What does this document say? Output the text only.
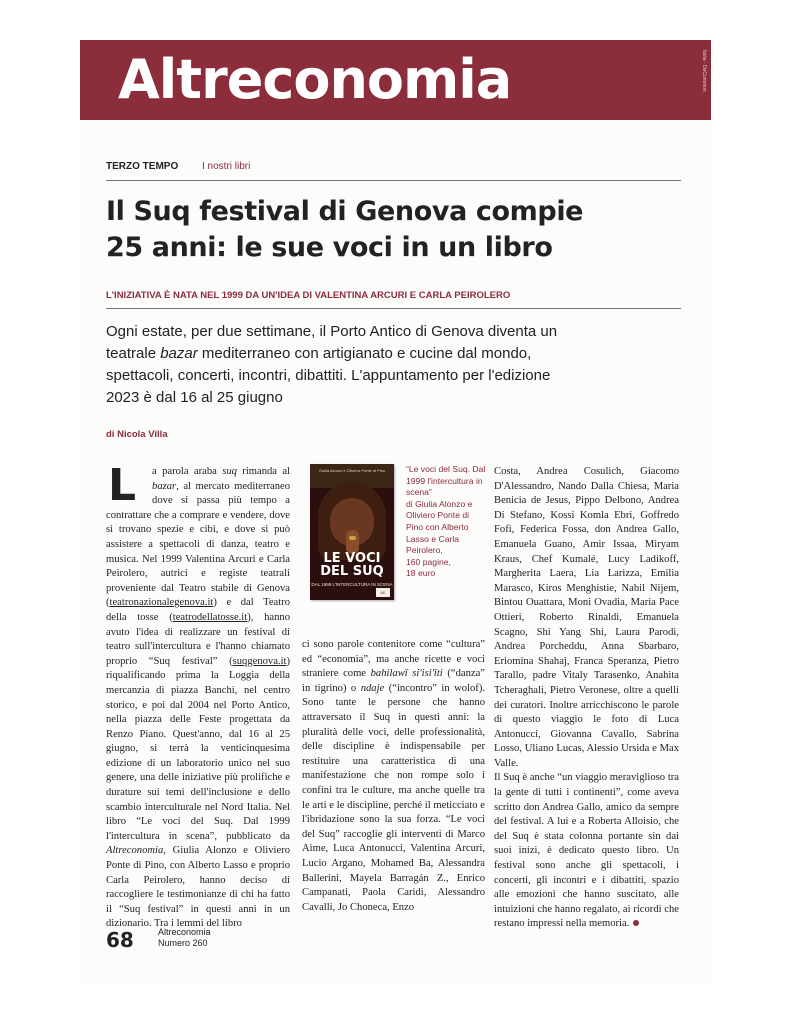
Altreconomia	Italia · DeCommon
TERZO TEMPO I nostri libri
Il Suq festival di Genova compie
25 anni: le sue voci in un libro
L'INIZIATIVA È NATA NEL 1999 DA UN'IDEA DI VALENTINA ARCURI E CARLA PEIROLERO
Ogni estate, per due settimane, il Porto Antico di Genova diventa un teatrale bazar mediterraneo con artigianato e cucine dal mondo, spettacoli, concerti, incontri, dibattiti. L'appuntamento per l'edizione 2023 è dal 16 al 25 giugno
di Nicola Villa

L a parola araba suq rimanda al bazar, al mercato mediterraneo dove si passa più tempo a contrattare che a comprare e vendere, dove si trovano spezie e cibi, e dove si può assistere a spettacoli di danza, teatro e musica. Nel 1999 Valentina Arcuri e Carla Peirolero, autrici e registe teatrali proveniente dal Teatro stabile di Genova (teatronazionalegenova.it) e dal Teatro della tosse (teatrodellatosse.it), hanno avuto l'idea di realizzare un festival di teatro sull'intercultura e l'hanno chiamato proprio “Suq festival” (suqgenova.it) riqualificando prima la Loggia della mercanzia di piazza Banchi, nel centro storico, e poi dal 2004 nel Porto Antico, nella piazza delle Feste progettata da Renzo Piano. Quest'anno, dal 16 al 25 giugno, si terrà la venticinquesima edizione di un laboratorio unico nel suo genere, una delle iniziative più prolifiche e durature sui temi dell'inclusione e dello scambio interculturale nel Nord Italia. Nel libro “Le voci del Suq. Dal 1999 l'intercultura in scena”, pubblicato da Altreconomia, Giulia Alonzo e Oliviero Ponte di Pino, con Alberto Lasso e proprio Carla Peirolero, hanno deciso di raccogliere le testimonianze di chi ha fatto il “Suq festival” in questi anni in un dizionario. Tra i lemmi del libro

Giulia Alonzo e Oliviero Ponte di Pino
LE VOCI
DEL SUQ
DAL 1999 L'INTERCULTURA IN SCENA
AE

“Le voci del Suq. Dal 1999 l'intercultura in scena”

di Giulia Alonzo e Oliviero Ponte di Pino con Alberto Lasso e Carla Peirolero,

160 pagine,

18 euro

ci sono parole contenitore come “cultura” ed “economia”, ma anche ricette e voci straniere come bahilawī si'isi'īti (“danza” in tigrino) o ndaje (“incontro” in wolof). Sono tante le persone che hanno attraversato il Suq in questi anni: la pluralità delle voci, delle professionalità, delle discipline è indispensabile per restituire una caratteristica di una manifestazione che non rompe solo i confini tra le culture, ma anche quelle tra le arti e le discipline, perché il meticciato e l'ibridazione sono la sua forza. “Le voci del Suq” raccoglie gli interventi di Marco Aime, Luca Antonucci, Valentina Arcuri, Lucio Argano, Mohamed Ba, Alessandra Ballerini, Mayela Barragán Z., Enrico Campanati, Paola Caridi, Alessandro Cavalli, Jo Choneca, Enzo

Costa, Andrea Cosulich, Giacomo D'Alessandro, Nando Dalla Chiesa, Maria Benicia de Jesus, Pippo Delbono, Andrea Di Stefano, Kossi Komla Ebri, Goffredo Fofi, Federica Fossa, don Andrea Gallo, Emanuela Guano, Amir Issaa, Miryam Kraus, Chef Kumalé, Lucy Ladikoff, Margherita Laera, Lia Larizza, Emilia Marasco, Kiros Menghistie, Nabil Nijem, Bintou Ouattara, Moni Ovadia, Maria Pace Ottieri, Roberto Rinaldi, Emanuela Scagno, Shi Yang Shi, Laura Parodi, Andrea Porcheddu, Anna Sbarbaro, Eriomina Shahaj, Franca Speranza, Pietro Tarallo, padre Vitaly Tarasenko, Anahita Tcheraghali, Pietro Veronese, oltre a quelli dei curatori. Inoltre arricchiscono le parole di questo viaggio le foto di Luca Antonucci, Giovanna Cavallo, Sabrina Losso, Uliano Lucas, Alessio Ursida e Max Valle.

Il Suq è anche “un viaggio meraviglioso tra la gente di tutti i continenti”, come aveva scritto don Andrea Gallo, amico da sempre del festival. A lui e a Roberta Alloisio, che del Suq è stata colonna portante sin dai suoi inizi, è dedicato questo libro. Un festival sono anche gli spettacoli, i concerti, gli incontri e i dibattiti, spazio alle emozioni che hanno suscitato, alle intuizioni che hanno regalato, ai ricordi che restano impressi nella memoria.

68	Altreconomia
Numero 260
